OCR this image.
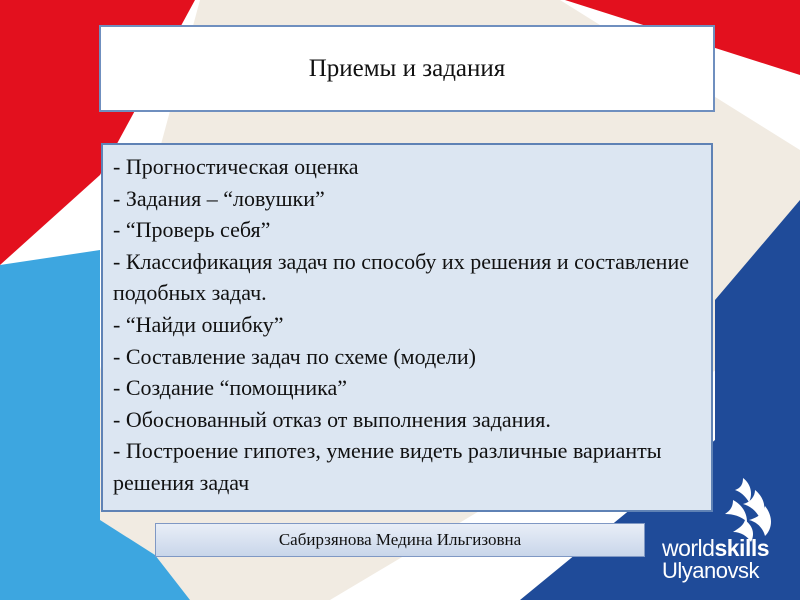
Приемы и задания
- Прогностическая оценка
- Задания – “ловушки”
- “Проверь себя”
- Классификация задач по способу их решения и составление подобных задач.
- “Найди ошибку”
- Составление задач по схеме (модели)
- Создание “помощника”
- Обоснованный отказ от выполнения задания.
- Построение гипотез, умение видеть различные варианты решения задач
Сабирзянова Медина Ильгизовна	worldskills
Ulyanovsk
